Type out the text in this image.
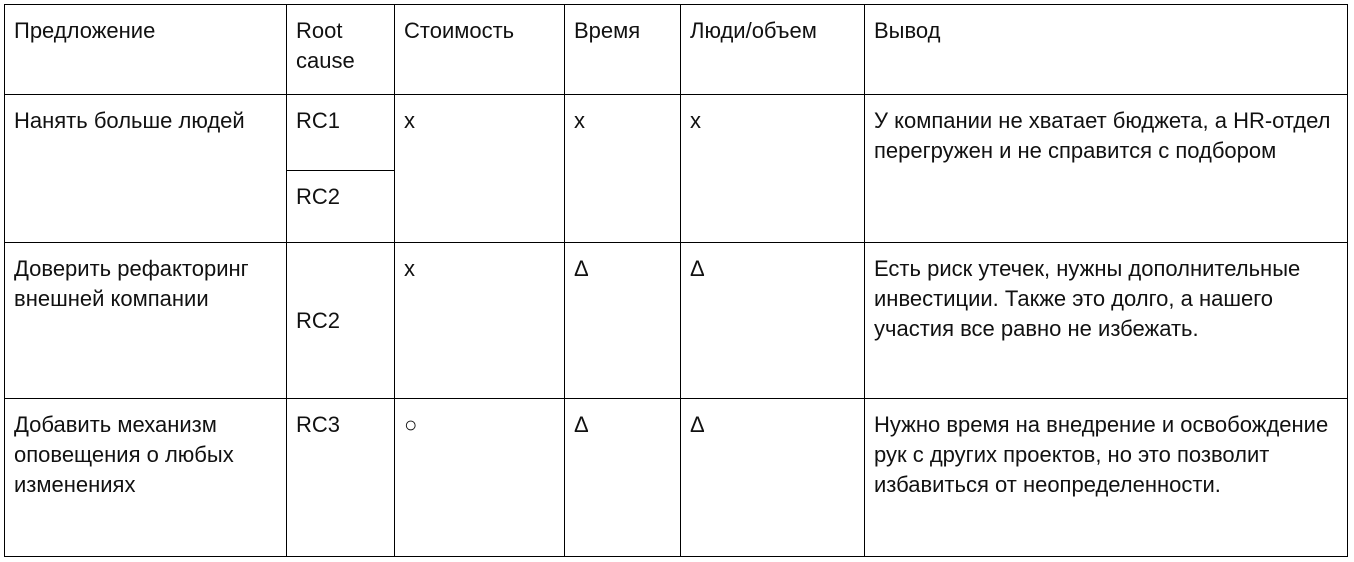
Предложение	Root cause	Стоимость	Время	Люди/объем	Вывод
Нанять больше людей	RC1	x	x	x	У компании не хватает бюджета, а HR-отдел перегружен и не справится с подбором
	RC2				
Доверить рефакторинг внешней компании	RC2	x	Δ	Δ	Есть риск утечек, нужны дополнительные инвестиции. Также это долго, а нашего участия все равно не избежать.
Добавить механизм оповещения о любых изменениях	RC3	○	Δ	Δ	Нужно время на внедрение и освобождение рук с других проектов, но это позволит избавиться от неопределенности.
